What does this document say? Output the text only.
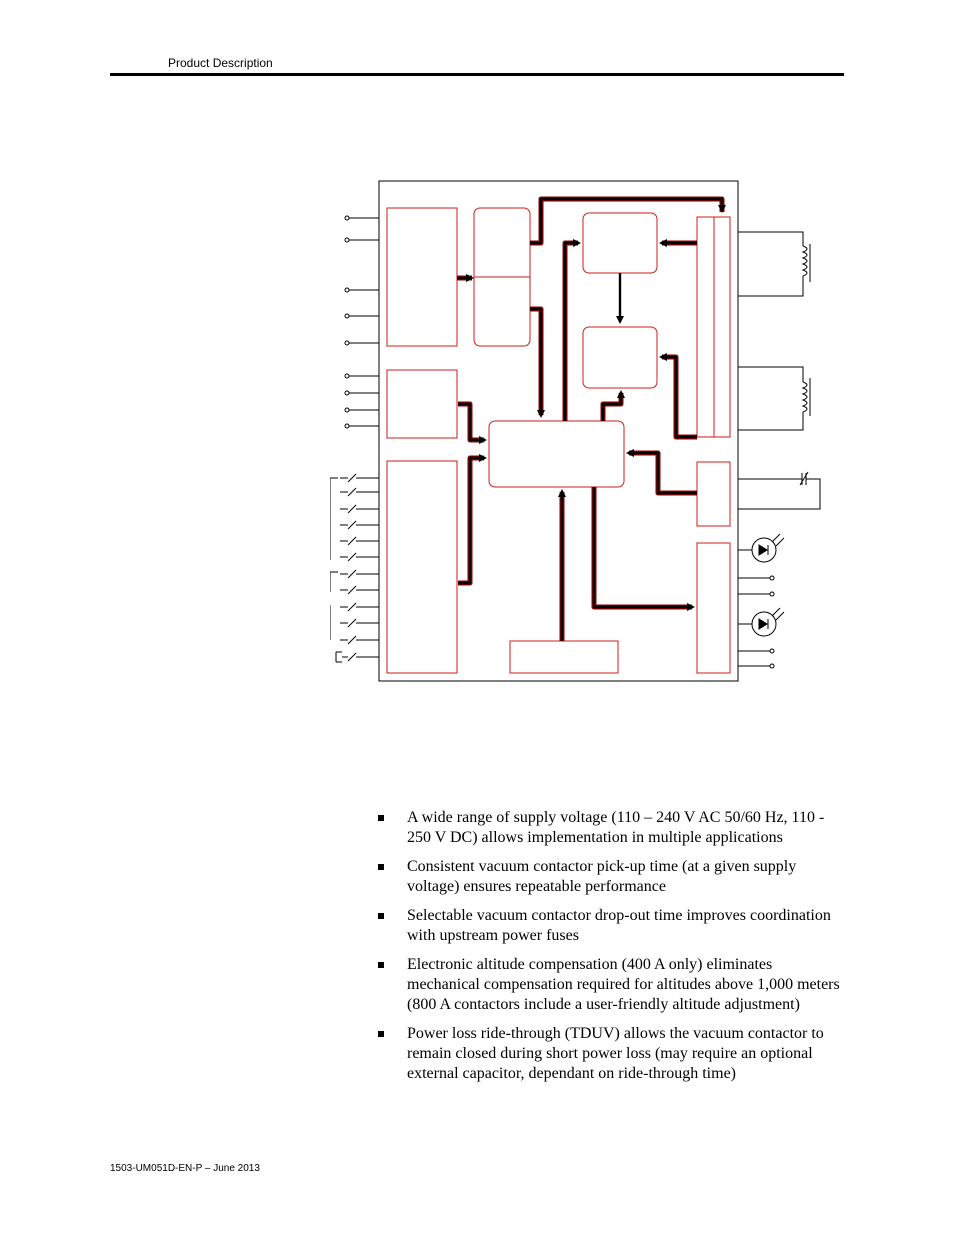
Product Description
A wide range of supply voltage (110 – 240 V AC 50/60 Hz, 110 - 250 V DC) allows implementation in multiple applications
Consistent vacuum contactor pick-up time (at a given supply voltage) ensures repeatable performance
Selectable vacuum contactor drop-out time improves coordination with upstream power fuses
Electronic altitude compensation (400 A only) eliminates mechanical compensation required for altitudes above 1,000 meters (800 A contactors include a user-friendly altitude adjustment)
Power loss ride-through (TDUV) allows the vacuum contactor to remain closed during short power loss (may require an optional external capacitor, dependant on ride-through time)
1503-UM051D-EN-P – June 2013
